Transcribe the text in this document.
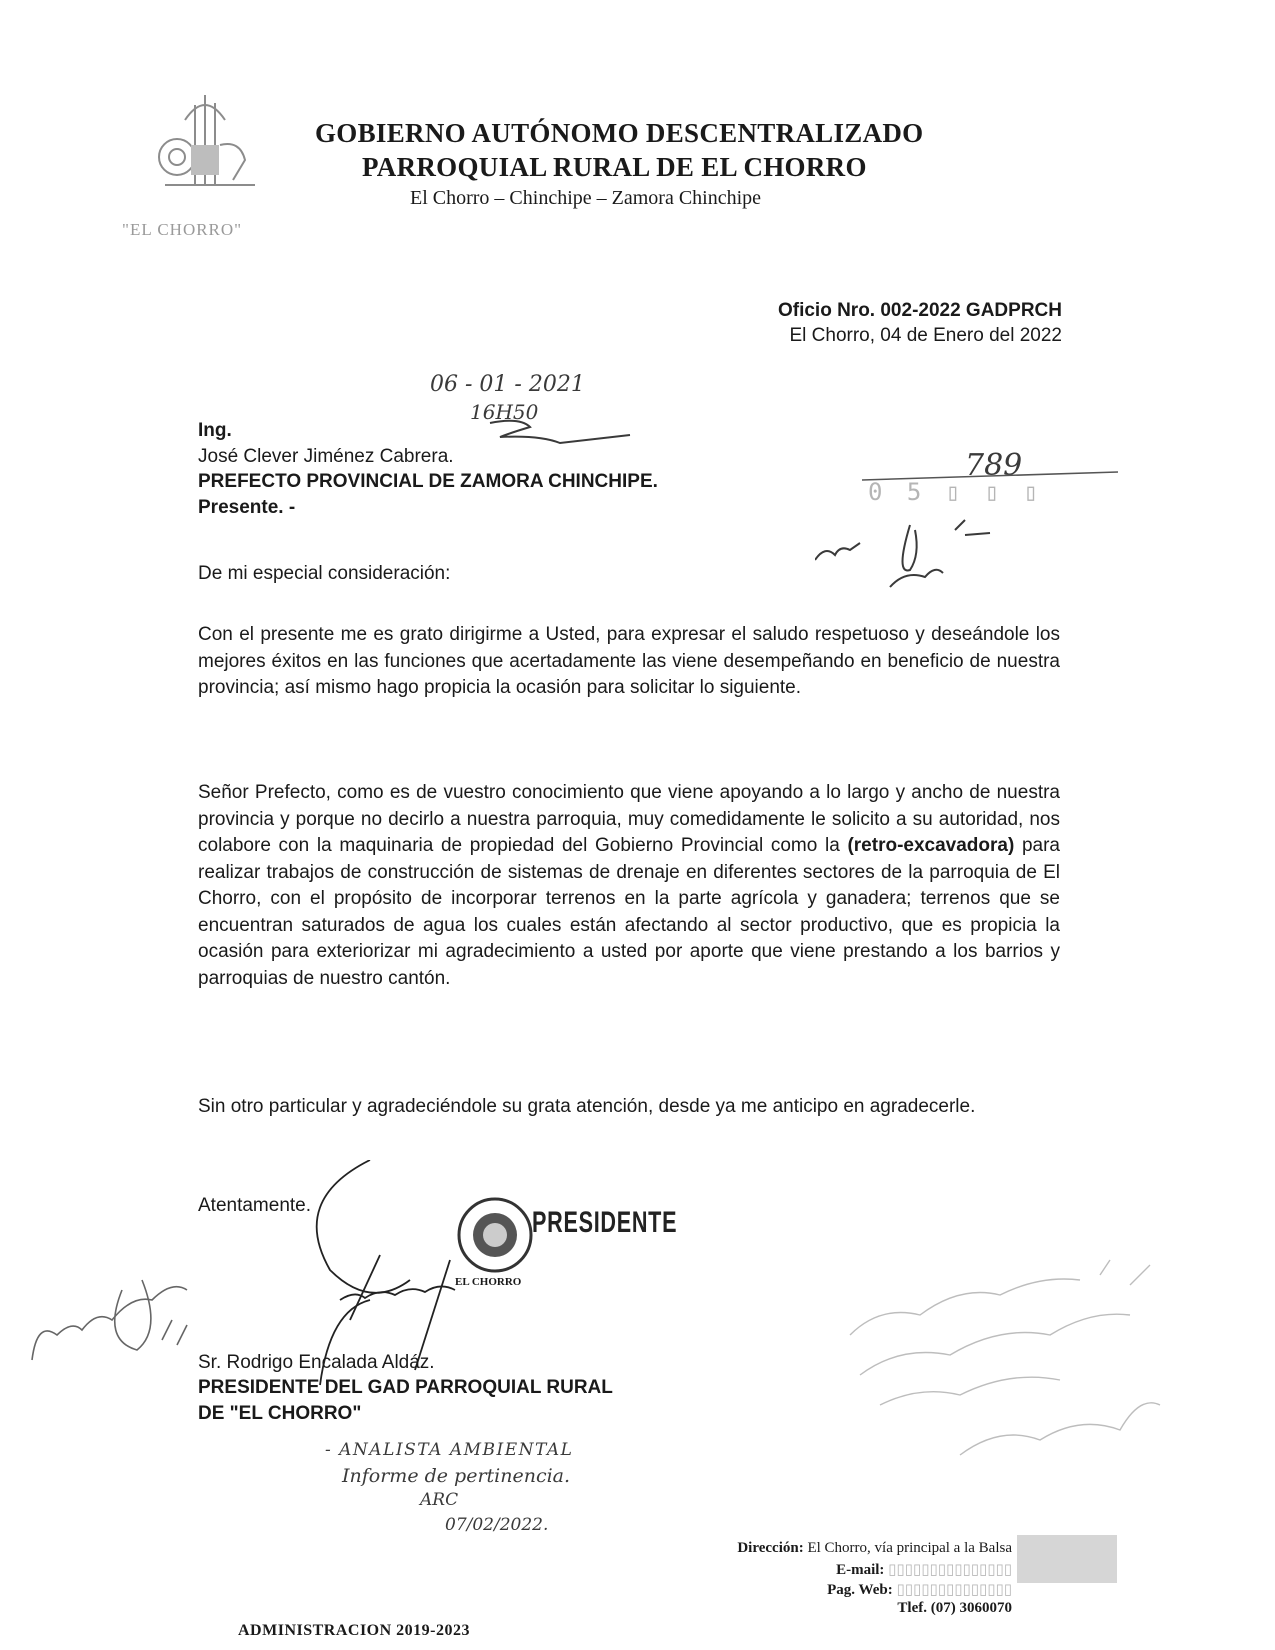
"EL CHORRO"
GOBIERNO AUTÓNOMO DESCENTRALIZADO
PARROQUIAL RURAL DE EL CHORRO
El Chorro – Chinchipe – Zamora Chinchipe
Oficio Nro. 002-2022 GADPRCH
El Chorro, 04 de Enero del 2022
06 - 01 - 2021
16H50
0 5 ▯ ▯ ▯
789
Ing.
José Clever Jiménez Cabrera.
PREFECTO PROVINCIAL DE ZAMORA CHINCHIPE.
Presente. -
De mi especial consideración:
Con el presente me es grato dirigirme a Usted, para expresar el saludo respetuoso y deseándole los mejores éxitos en las funciones que acertadamente las viene desempeñando en beneficio de nuestra provincia; así mismo hago propicia la ocasión para solicitar lo siguiente.
Señor Prefecto, como es de vuestro conocimiento que viene apoyando a lo largo y ancho de nuestra provincia y porque no decirlo a nuestra parroquia, muy comedidamente le solicito a su autoridad, nos colabore con la maquinaria de propiedad del Gobierno Provincial como la (retro-excavadora) para realizar trabajos de construcción de sistemas de drenaje en diferentes sectores de la parroquia de El Chorro, con el propósito de incorporar terrenos en la parte agrícola y ganadera; terrenos que se encuentran saturados de agua los cuales están afectando al sector productivo, que es propicia la ocasión para exteriorizar mi agradecimiento a usted por aporte que viene prestando a los barrios y parroquias de nuestro cantón.
Sin otro particular y agradeciéndole su grata atención, desde ya me anticipo en agradecerle.
Atentamente.
PRESIDENTE
EL CHORRO
Sr. Rodrigo Encalada Aldáz.
PRESIDENTE DEL GAD PARROQUIAL RURAL
DE "EL CHORRO"
- ANALISTA AMBIENTAL
Informe de pertinencia.
ARC
07/02/2022.
ADMINISTRACION 2019-2023
Dirección: El Chorro, vía principal a la Balsa
E-mail: ▯▯▯▯▯▯▯▯▯▯▯▯▯▯▯
Pag. Web: ▯▯▯▯▯▯▯▯▯▯▯▯▯▯
Tlef. (07) 3060070
